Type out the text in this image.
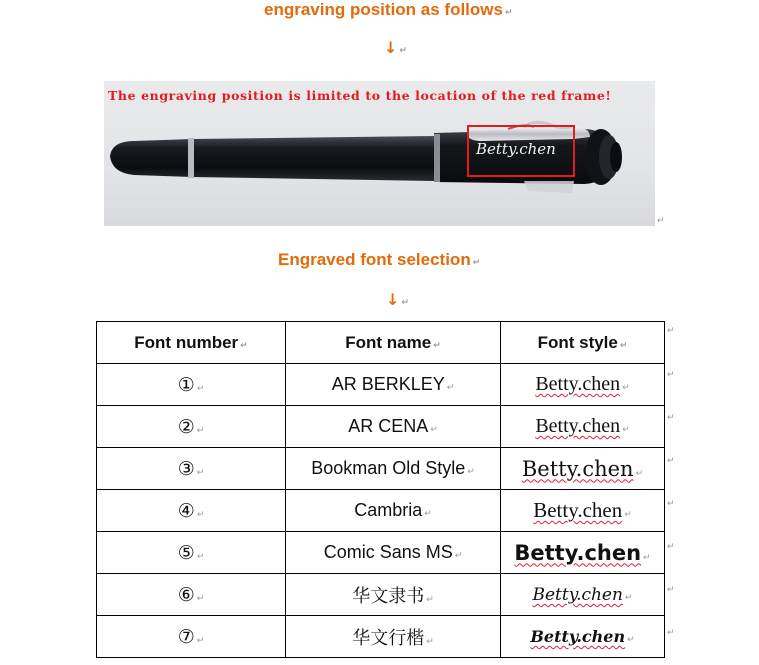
engraving position as follows ↵
↓ ↵
Betty.chen
The engraving position is limited to the location of the red frame!
↵
Engraved font selection ↵
↓ ↵
Font number ↵	Font name ↵	Font style ↵
① ↵	AR BERKLEY ↵	Betty.chen ↵
② ↵	AR CENA ↵	Betty.chen ↵
③ ↵	Bookman Old Style ↵	Betty.chen ↵
④ ↵	Cambria ↵	Betty.chen ↵
⑤ ↵	Comic Sans MS ↵	Betty.chen ↵
⑥ ↵	华文隶书 ↵	Betty.chen ↵
⑦ ↵	华文行楷 ↵	Betty.chen ↵
↵
↵
↵
↵
↵
↵
↵
↵
